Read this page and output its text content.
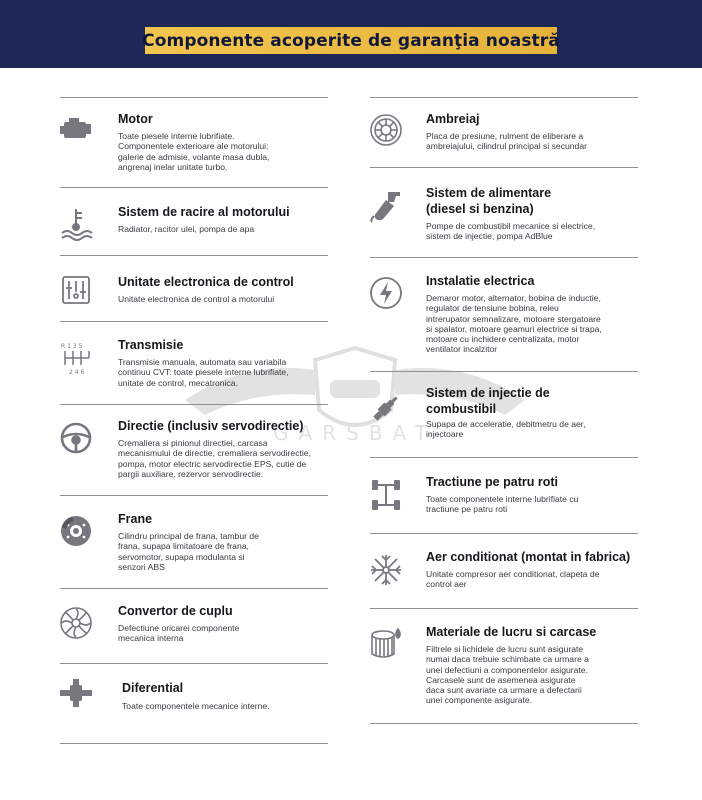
Componente acoperite de garanţia noastră
GARSBAT
Motor
Toate piesele interne lubrifiate.
Componentele exterioare ale motorului:
galerie de admisie, volante masa dubla,
angrenaj inelar unitate turbo.
Sistem de racire al motorului
Radiator, racitor ulei, pompa de apa
Unitate electronica de control
Unitate electronica de control a motorului
R 1 3 5
2 4 6
Transmisie
Transmisie manuala, automata sau variabila
continuu CVT: toate piesele interne lubrifiate,
unitate de control, mecatronica.
Directie (inclusiv servodirectie)
Cremaliera si pinionul directiei, carcasa
mecanismului de directie, cremaliera servodirectie,
pompa, motor electric servodirectie EPS, cutie de
pargii auxiliare, rezervor servodirectie.
Frane
Cilindru principal de frana, tambur de
frana, supapa limitatoare de frana,
servomotor, supapa modulanta si
senzori ABS
Convertor de cuplu
Defectiune oricarei componente
mecanica interna
Diferential
Toate componentele mecanice interne.
Ambreiaj
Placa de presiune, rulment de eliberare a
ambreiajului, cilindrul principal si secundar
Sistem de alimentare
(diesel si benzina)
Pompe de combustibil mecanice si electrice,
sistem de injectie, pompa AdBlue
Instalatie electrica
Demaror motor, alternator, bobina de inductie,
regulator de tensiune bobina, releu
intrerupator semnalizare, motoare stergatoare
si spalator, motoare geamuri electrice si trapa,
motoare cu inchidere centralizata, motor
ventilator incalzitor
Sistem de injectie de
combustibil
Supapa de acceleratie, debitmetru de aer,
injectoare
Tractiune pe patru roti
Toate componentele interne lubrifiate cu
tractiune pe patru roti
Aer conditionat (montat in fabrica)
Unitate compresor aer conditionat, clapeta de
control aer
Materiale de lucru si carcase
Filtrele si lichidele de lucru sunt asigurate
numai daca trebuie schimbate ca urmare a
unei defectiuni a componentelor asigurate.
Carcasele sunt de asemenea asigurate
daca sunt avariate ca urmare a defectarii
unei componente asigurate.
